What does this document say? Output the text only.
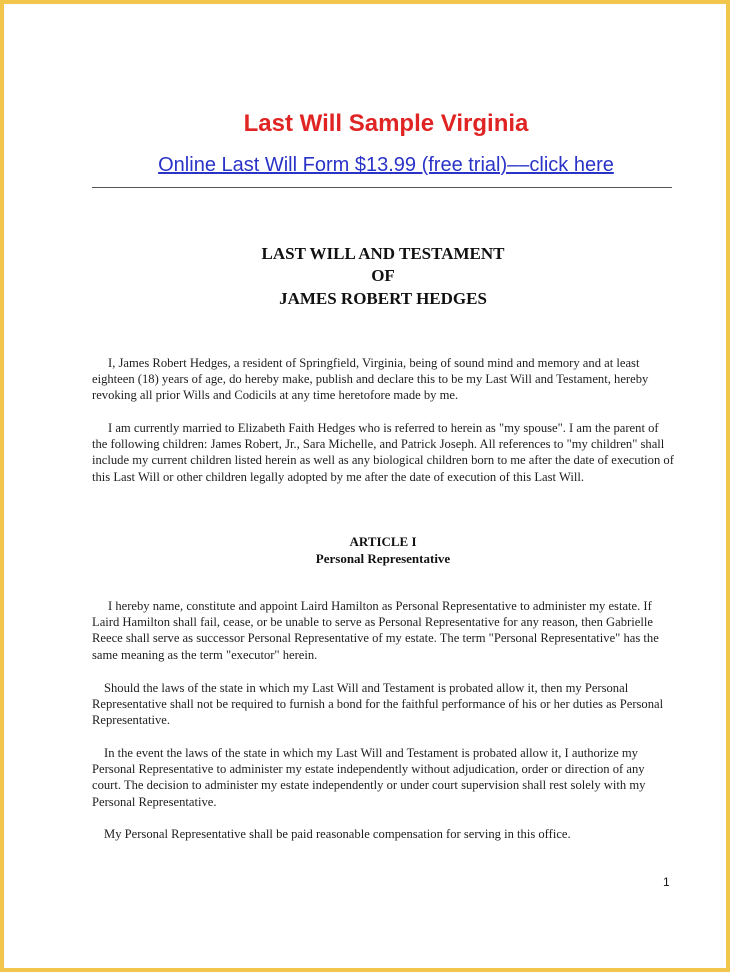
Last Will Sample Virginia
Online Last Will Form $13.99 (free trial)––click here
LAST WILL AND TESTAMENT
OF
JAMES ROBERT HEDGES

I, James Robert Hedges, a resident of Springfield, Virginia, being of sound mind and memory and at least eighteen (18) years of age, do hereby make, publish and declare this to be my Last Will and Testament, hereby revoking all prior Wills and Codicils at any time heretofore made by me.

I am currently married to Elizabeth Faith Hedges who is referred to herein as "my spouse". I am the parent of the following children: James Robert, Jr., Sara Michelle, and Patrick Joseph. All references to "my children" shall include my current children listed herein as well as any biological children born to me after the date of execution of this Last Will or other children legally adopted by me after the date of execution of this Last Will.

ARTICLE I
Personal Representative

I hereby name, constitute and appoint Laird Hamilton as Personal Representative to administer my estate. If Laird Hamilton shall fail, cease, or be unable to serve as Personal Representative for any reason, then Gabrielle Reece shall serve as successor Personal Representative of my estate. The term "Personal Representative" has the same meaning as the term "executor" herein.

Should the laws of the state in which my Last Will and Testament is probated allow it, then my Personal Representative shall not be required to furnish a bond for the faithful performance of his or her duties as Personal Representative.

In the event the laws of the state in which my Last Will and Testament is probated allow it, I authorize my Personal Representative to administer my estate independently without adjudication, order or direction of any court. The decision to administer my estate independently or under court supervision shall rest solely with my Personal Representative.

My Personal Representative shall be paid reasonable compensation for serving in this office.

1
